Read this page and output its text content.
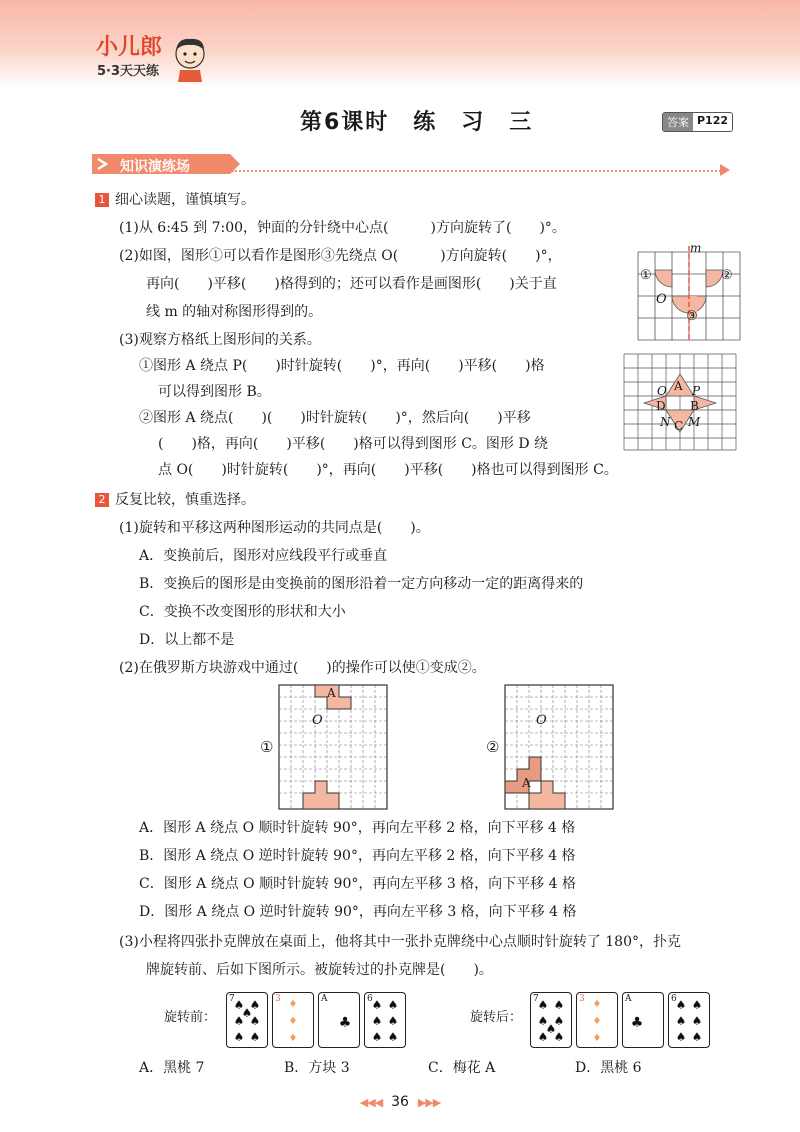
小儿郎
5·3天天练
第6课时　练　习　三	答案 P122
知识演练场
1 细心读题，谨慎填写。
(1)从 6:45 到 7:00，钟面的分针绕中心点(　　　)方向旋转了(　　)°。
(2)如图，图形①可以看作是图形③先绕点 O(　　　)方向旋转(　　)°，
再向(　　)平移(　　)格得到的；还可以看作是画图形(　　)关于直
线 m 的轴对称图形得到的。
(3)观察方格纸上图形间的关系。
①图形 A 绕点 P(　　)时针旋转(　　)°，再向(　　)平移(　　)格
可以得到图形 B。
②图形 A 绕点(　　)(　　)时针旋转(　　)°，然后向(　　)平移
(　　)格，再向(　　)平移(　　)格可以得到图形 C。图形 D 绕
点 O(　　)时针旋转(　　)°，再向(　　)平移(　　)格也可以得到图形 C。
m
①	②
③
O
O A P
D B
N C M
2 反复比较，慎重选择。
(1)旋转和平移这两种图形运动的共同点是(　　)。
A．变换前后，图形对应线段平行或垂直
B．变换后的图形是由变换前的图形沿着一定方向移动一定的距离得来的
C．变换不改变图形的形状和大小
D．以上都不是
(2)在俄罗斯方块游戏中通过(　　)的操作可以使①变成②。
①
A
O
②
A
O
A．图形 A 绕点 O 顺时针旋转 90°，再向左平移 2 格，向下平移 4 格
B．图形 A 绕点 O 逆时针旋转 90°，再向左平移 2 格，向下平移 4 格
C．图形 A 绕点 O 顺时针旋转 90°，再向左平移 3 格，向下平移 4 格
D．图形 A 绕点 O 逆时针旋转 90°，再向左平移 3 格，向下平移 4 格
(3)小程将四张扑克牌放在桌面上，他将其中一张扑克牌绕中心点顺时针旋转了 180°，扑克
牌旋转前、后如下图所示。被旋转过的扑克牌是(　　)。
旋转前：
7
♠ ♠
♠
♠ ♠
♠ ♠
3 ♦
♦
♦
A
♣
6
♠ ♠
♠ ♠
♠ ♠
旋转后：
7
♠ ♠
♠ ♠
♠
♠ ♠
3 ♦
♦
♦
A
♣
6
♠ ♠
♠ ♠
♠ ♠
A．黑桃 7	B．方块 3	C．梅花 A	D．黑桃 6
◀◀◀ 36 ▶▶▶
